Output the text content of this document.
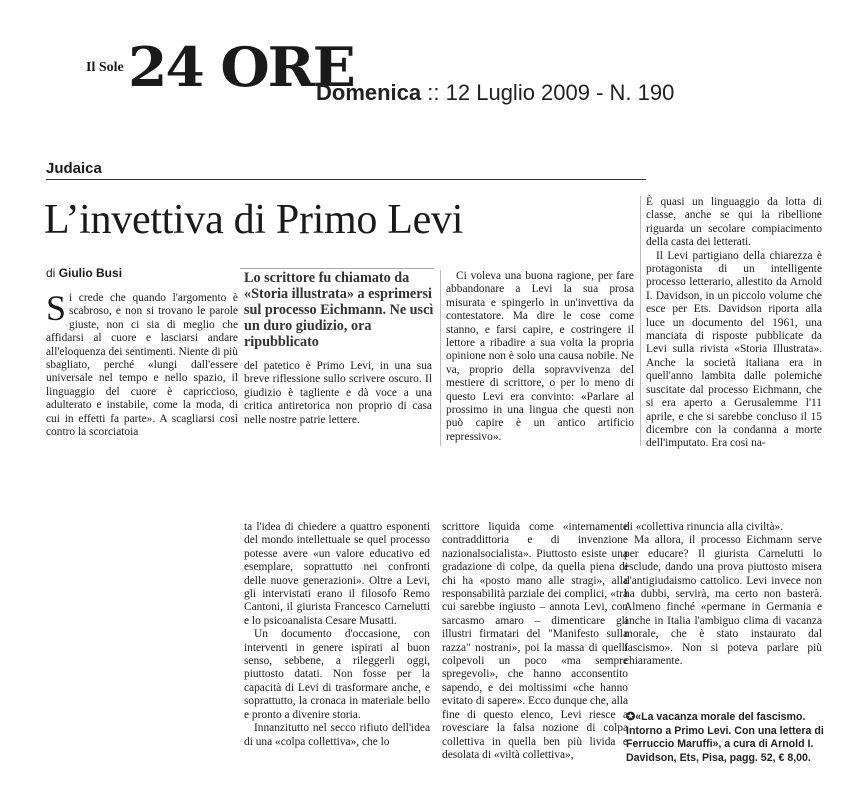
Il Sole 24 ORE
Domenica :: 12 Luglio 2009 - N. 190
Judaica
L’invettiva di Primo Levi
di Giulio Busi

Si crede che quando l'argomento è scabroso, e non si trovano le parole giuste, non ci sia di meglio che affidarsi al cuore e lasciarsi andare all'eloquenza dei sentimenti. Niente di più sbagliato, perché «lungi dall'essere universale nel tempo e nello spazio, il linguaggio del cuore è capriccioso, adulterato e instabile, come la moda, di cui in effetti fa parte». A scagliarsi così contro la scorciatoia

Lo scrittore fu chiamato da «Storia illustrata» a esprimersi sul processo Eichmann. Ne uscì un duro giudizio, ora ripubblicato

del patetico è Primo Levi, in una sua breve riflessione sullo scrivere oscuro. Il giudizio è tagliente e dà voce a una critica antiretorica non proprio di casa nelle nostre patrie lettere.

Ci voleva una buona ragione, per fare abbandonare a Levi la sua prosa misurata e spingerlo in un'invettiva da contestatore. Ma dire le cose come stanno, e farsi capire, e costringere il lettore a ribadire a sua volta la propria opinione non è solo una causa nobile. Ne va, proprio della sopravvivenza del mestiere di scrittore, o per lo meno di questo Levi era convinto: «Parlare al prossimo in una lingua che questi non può capire è un antico artificio repressivo».

È quasi un linguaggio da lotta di classe, anche se qui la ribellione riguarda un secolare compiacimento della casta dei letterati.

Il Levi partigiano della chiarezza è protagonista di un intelligente processo letterario, allestito da Arnold I. Davidson, in un piccolo volume che esce per Ets. Davidson riporta alla luce un documento del 1961, una manciata di risposte pubblicate da Levi sulla rivista «Storia Illustrata». Anche la società italiana era in quell'anno lambita dalle polemiche suscitate dal processo Eichmann, che si era aperto a Gerusalemme l'11 aprile, e che si sarebbe concluso il 15 dicembre con la condanna a morte dell'imputato. Era così na-

ta l'idea di chiedere a quattro esponenti del mondo intellettuale se quel processo potesse avere «un valore educativo ed esemplare, soprattutto nei confronti delle nuove generazioni». Oltre a Levi, gli intervistati erano il filosofo Remo Cantoni, il giurista Francesco Carnelutti e lo psicoanalista Cesare Musatti.

Un documento d'occasione, con interventi in genere ispirati al buon senso, sebbene, a rileggerli oggi, piuttosto datati. Non fosse per la capacità di Levi di trasformare anche, e soprattutto, la cronaca in materiale bello e pronto a divenire storia.

Innanzitutto nel secco rifiuto dell'idea di una «colpa collettiva», che lo

scrittore liquida come «internamente contraddittoria e di invenzione nazionalsocialista». Piuttosto esiste una gradazione di colpe, da quella piena di chi ha «posto mano alle stragi», alla responsabilità parziale dei complici, «tra cui sarebbe ingiusto – annota Levi, con sarcasmo amaro – dimenticare gli illustri firmatari del "Manifesto sulla razza" nostrani», poi la massa di quelli colpevoli un poco «ma sempre spregevoli», che hanno acconsentito sapendo, e dei moltissimi «che hanno evitato di sapere». Ecco dunque che, alla fine di questo elenco, Levi riesce a rovesciare la falsa nozione di colpa collettiva in quella ben più livida e desolata di «viltà collettiva»,

di «collettiva rinuncia alla civiltà».

Ma allora, il processo Eichmann serve per educare? Il giurista Carnelutti lo esclude, dando una prova piuttosto misera d'antigiudaismo cattolico. Levi invece non ha dubbi, servirà, ma certo non basterà. Almeno finché «permane in Germania e anche in Italia l'ambiguo clima di vacanza morale, che è stato instaurato dal fascismo». Non si poteva parlare più chiaramente.

✪«La vacanza morale del fascismo. Intorno a Primo Levi. Con una lettera di Ferruccio Maruffi», a cura di Arnold I. Davidson, Ets, Pisa, pagg. 52, € 8,00.
